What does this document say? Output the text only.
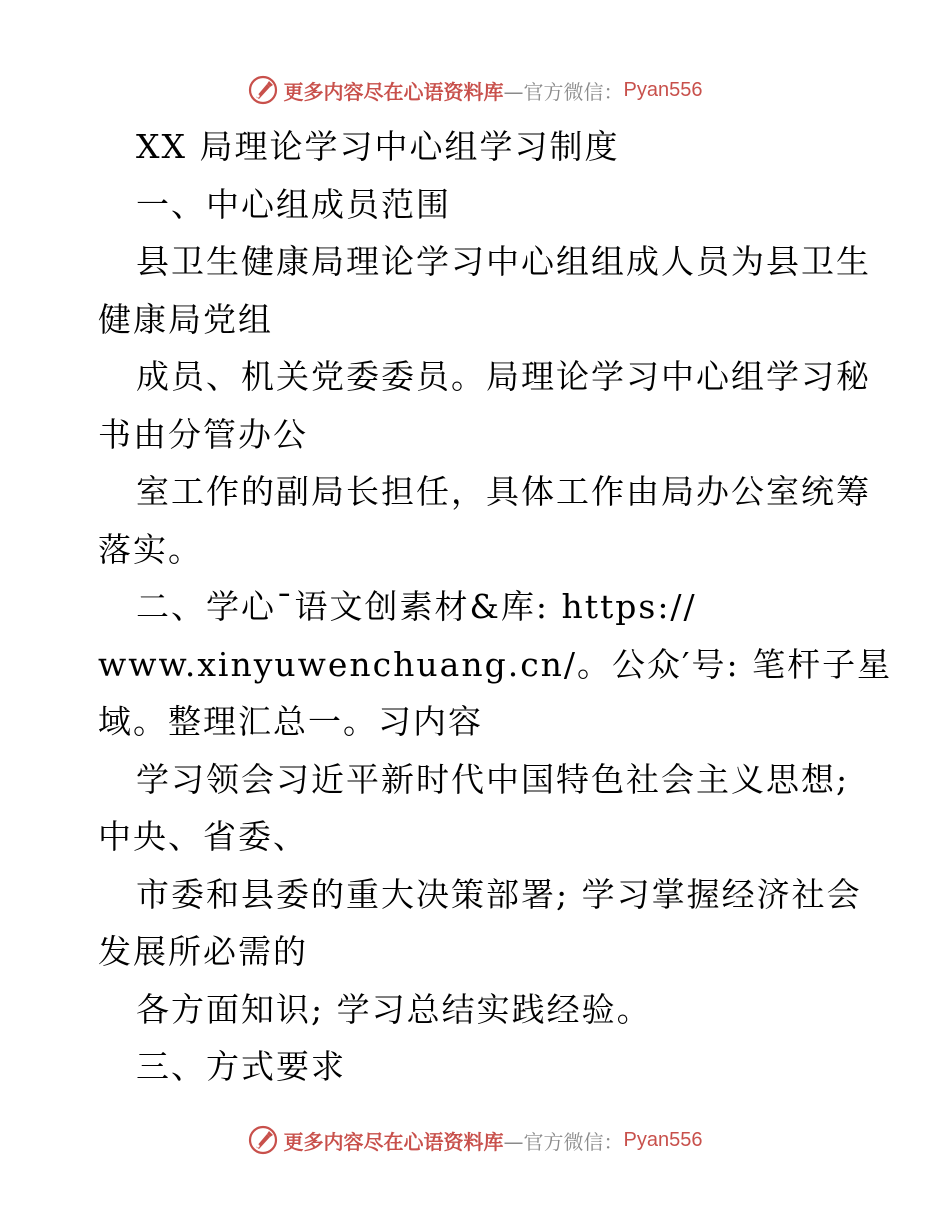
更多内容尽在心语资料库 —官方微信： Pyan556
XX 局理论学习中心组学习制度
一、中心组成员范围
县卫生健康局理论学习中心组组成人员为县卫生
健康局党组
成员、机关党委委员。局理论学习中心组学习秘
书由分管办公
室工作的副局长担任，具体工作由局办公室统筹
落实。
二、学心¯语文创素材&库: https://
www.xinyuwenchuang.cn/。公众′号: 笔杆子星
域。整理汇总一。习内容
学习领会习近平新时代中国特色社会主义思想;
中央、省委、
市委和县委的重大决策部署; 学习掌握经济社会
发展所必需的
各方面知识; 学习总结实践经验。
三、方式要求
更多内容尽在心语资料库 —官方微信： Pyan556
